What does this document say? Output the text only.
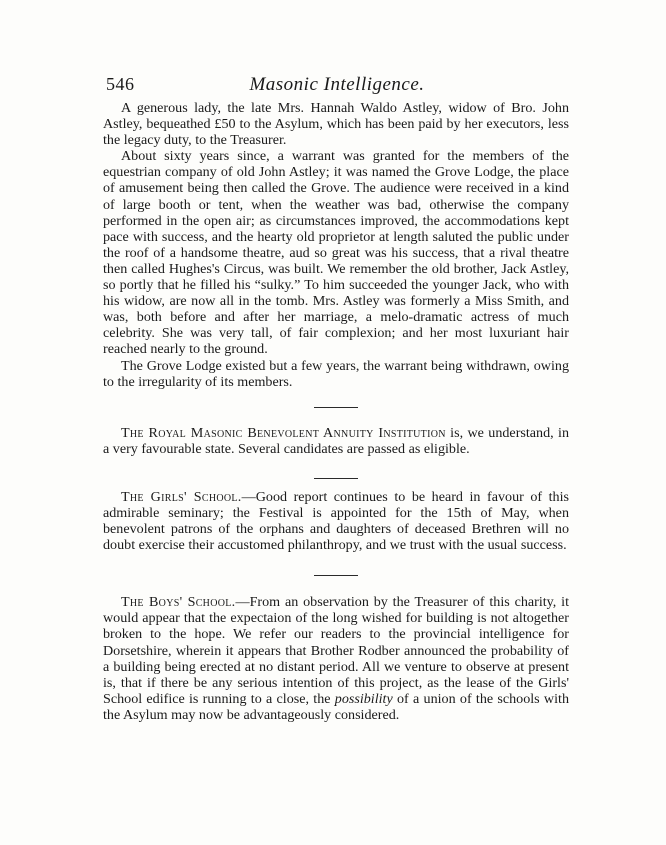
546	Masonic Intelligence.

A generous lady, the late Mrs. Hannah Waldo Astley, widow of Bro. John Astley, bequeathed £50 to the Asylum, which has been paid by her executors, less the legacy duty, to the Treasurer.

About sixty years since, a warrant was granted for the members of the equestrian company of old John Astley; it was named the Grove Lodge, the place of amusement being then called the Grove. The audience were received in a kind of large booth or tent, when the weather was bad, otherwise the company performed in the open air; as circumstances improved, the accommodations kept pace with success, and the hearty old proprietor at length saluted the public under the roof of a handsome theatre, aud so great was his success, that a rival theatre then called Hughes's Circus, was built. We remember the old brother, Jack Astley, so portly that he filled his “sulky.” To him succeeded the younger Jack, who with his widow, are now all in the tomb. Mrs. Astley was formerly a Miss Smith, and was, both before and after her marriage, a melo-dramatic actress of much celebrity. She was very tall, of fair complexion; and her most luxuriant hair reached nearly to the ground.

The Grove Lodge existed but a few years, the warrant being withdrawn, owing to the irregularity of its members.

The Royal Masonic Benevolent Annuity Institution is, we understand, in a very favourable state. Several candidates are passed as eligible.

The Girls' School.—Good report continues to be heard in favour of this admirable seminary; the Festival is appointed for the 15th of May, when benevolent patrons of the orphans and daughters of deceased Brethren will no doubt exercise their accustomed philanthropy, and we trust with the usual success.

The Boys' School.—From an observation by the Treasurer of this charity, it would appear that the expectaion of the long wished for building is not altogether broken to the hope. We refer our readers to the provincial intelligence for Dorsetshire, wherein it appears that Brother Rodber announced the probability of a building being erected at no distant period. All we venture to observe at present is, that if there be any serious intention of this project, as the lease of the Girls' School edifice is running to a close, the possibility of a union of the schools with the Asylum may now be advantageously considered.
